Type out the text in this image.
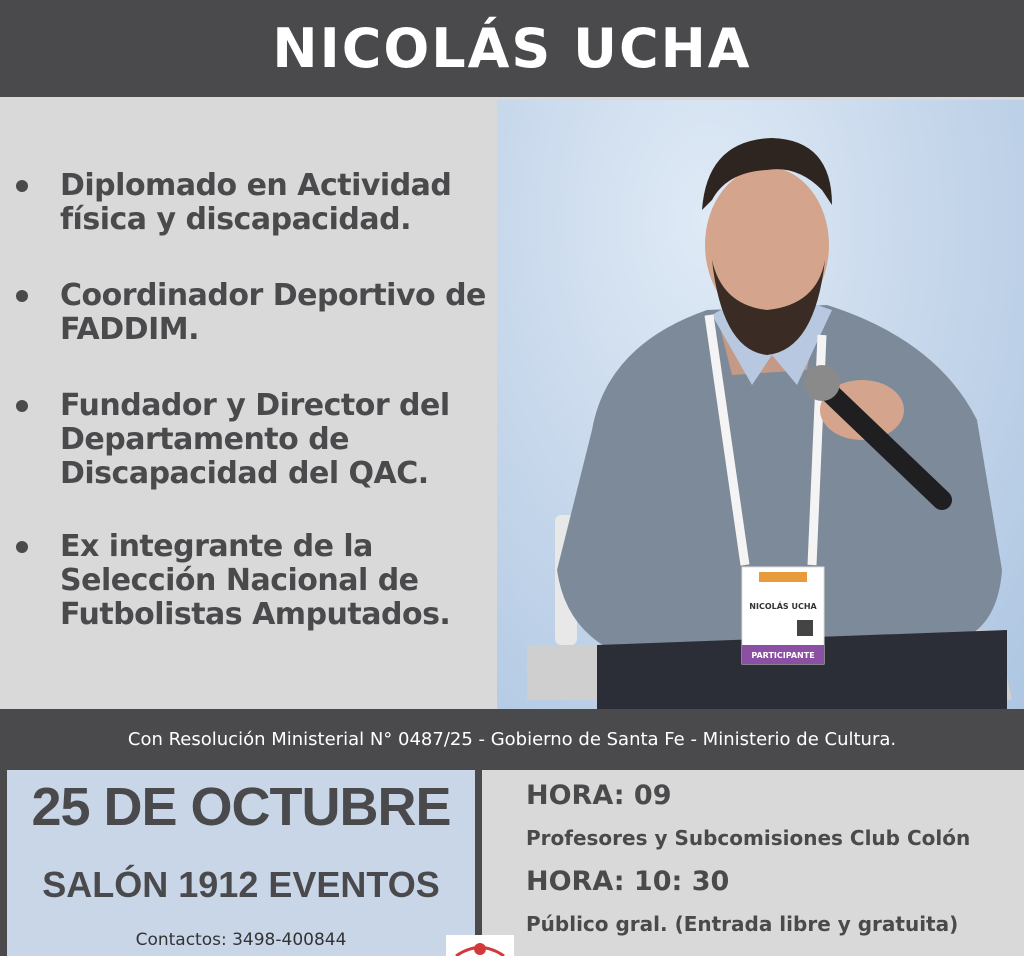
NICOLÁS UCHA
Diplomado en Actividad física y discapacidad.
Coordinador Deportivo de FADDIM.
Fundador y Director del Departamento de Discapacidad del QAC.
Ex integrante de la Selección Nacional de Futbolistas Amputados.	NICOLÁS UCHA
PARTICIPANTE
Con Resolución Ministerial N° 0487/25 - Gobierno de Santa Fe - Ministerio de Cultura.
25 DE OCTUBRE
SALÓN 1912 EVENTOS
Contactos: 3498-400844
HORA: 09
Profesores y Subcomisiones Club Colón
HORA: 10: 30
Público gral. (Entrada libre y gratuita)
